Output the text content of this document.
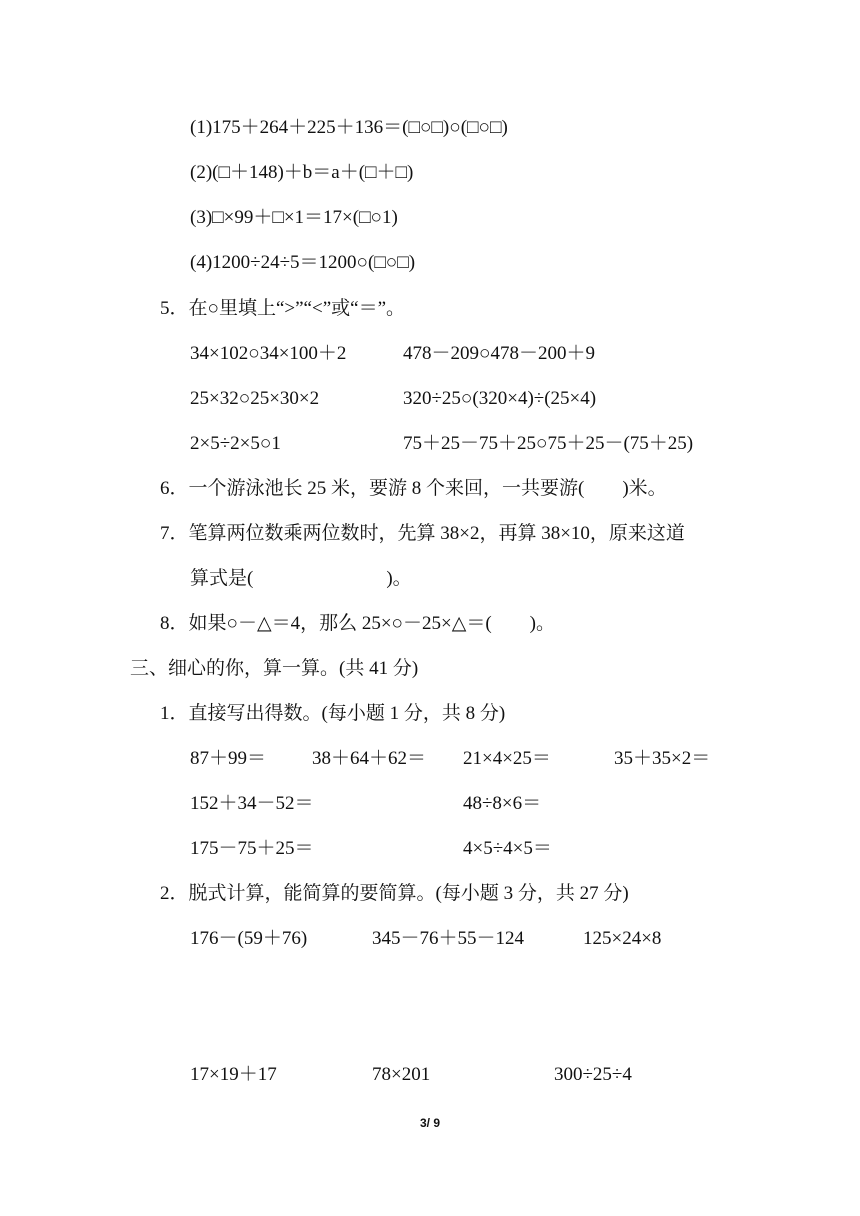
(1)175＋264＋225＋136＝(□○□)○(□○□)
(2)(□＋148)＋b＝a＋(□＋□)
(3)□×99＋□×1＝17×(□○1)
(4)1200÷24÷5＝1200○(□○□)
5．在○里填上“>”“<”或“＝”。
34×102○34×100＋2	478－209○478－200＋9
25×32○25×30×2	320÷25○(320×4)÷(25×4)
2×5÷2×5○1	75＋25－75＋25○75＋25－(75＋25)
6．一个游泳池长 25 米，要游 8 个来回，一共要游(　　)米。
7．笔算两位数乘两位数时，先算 38×2，再算 38×10，原来这道
算式是(　　　　　　　)。
8．如果○－△＝4，那么 25×○－25×△＝(　　)。
三、细心的你，算一算。(共 41 分)
1．直接写出得数。(每小题 1 分，共 8 分)
87＋99＝ 38＋64＋62＝ 21×4×25＝	35＋35×2＝
152＋34－52＝	48÷8×6＝
175－75＋25＝	4×5÷4×5＝
2．脱式计算，能简算的要简算。(每小题 3 分，共 27 分)
176－(59＋76)	345－76＋55－124	125×24×8
17×19＋17	78×201	300÷25÷4
3/ 9
